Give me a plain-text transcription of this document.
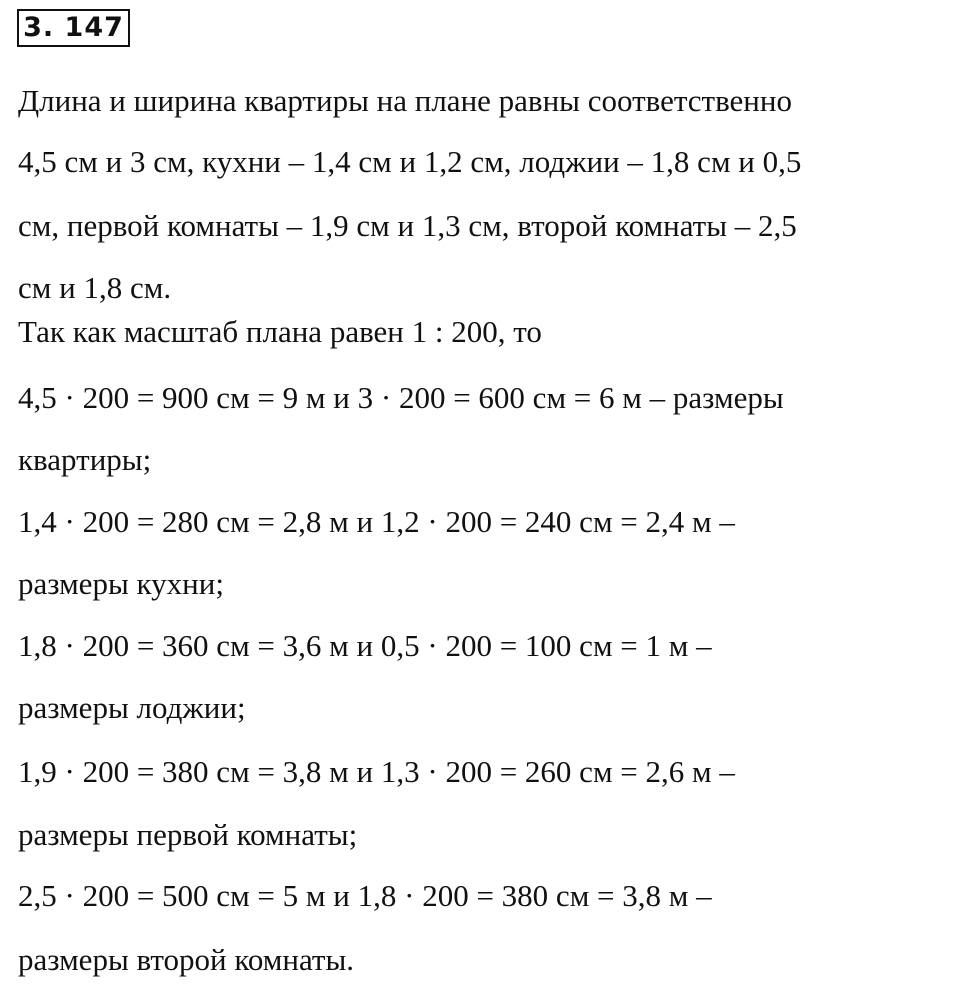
3. 147
Длина и ширина квартиры на плане равны соответственно
4,5 см и 3 см, кухни – 1,4 см и 1,2 см, лоджии – 1,8 см и 0,5
см, первой комнаты – 1,9 см и 1,3 см, второй комнаты – 2,5
см и 1,8 см.
Так как масштаб плана равен 1 : 200, то
4,5 · 200 = 900 см = 9 м и 3 · 200 = 600 см = 6 м – размеры
квартиры;
1,4 · 200 = 280 см = 2,8 м и 1,2 · 200 = 240 см = 2,4 м –
размеры кухни;
1,8 · 200 = 360 см = 3,6 м и 0,5 · 200 = 100 см = 1 м –
размеры лоджии;
1,9 · 200 = 380 см = 3,8 м и 1,3 · 200 = 260 см = 2,6 м –
размеры первой комнаты;
2,5 · 200 = 500 см = 5 м и 1,8 · 200 = 380 см = 3,8 м –
размеры второй комнаты.
